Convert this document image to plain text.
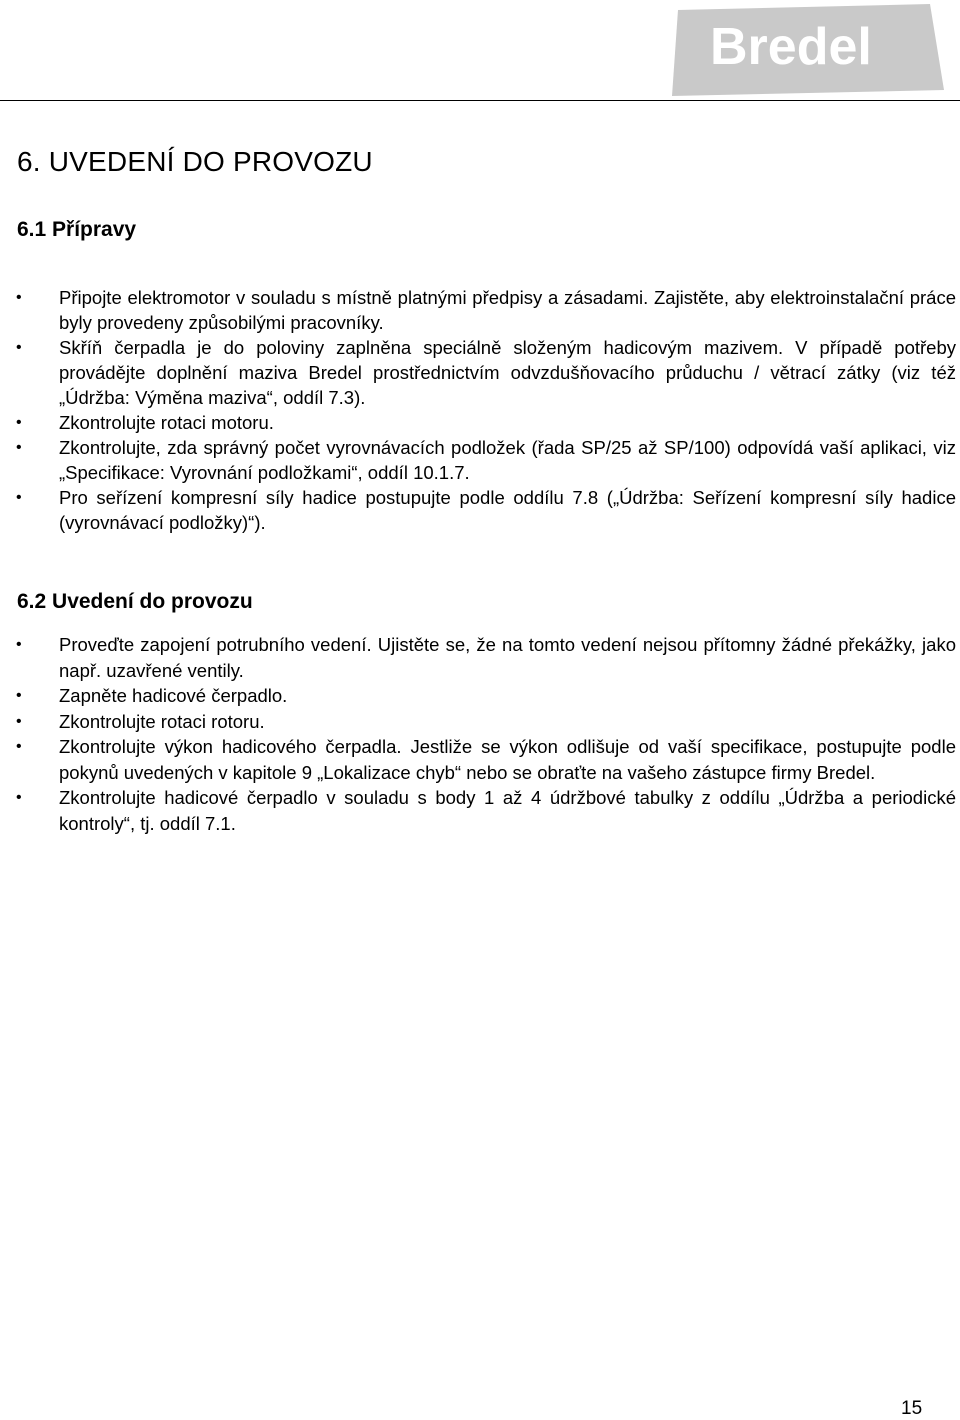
Bredel
6. UVEDENÍ DO PROVOZU
6.1 Přípravy
• Připojte elektromotor v souladu s místně platnými předpisy a zásadami. Zajistěte, aby elektroinstalační práce byly provedeny způsobilými pracovníky.
• Skříň čerpadla je do poloviny zaplněna speciálně složeným hadicovým mazivem. V případě potřeby provádějte doplnění maziva Bredel prostřednictvím odvzdušňovacího průduchu / větrací zátky (viz též „Údržba: Výměna maziva“, oddíl 7.3).
• Zkontrolujte rotaci motoru.
• Zkontrolujte, zda správný počet vyrovnávacích podložek (řada SP/25 až SP/100) odpovídá vaší aplikaci, viz „Specifikace: Vyrovnání podložkami“, oddíl 10.1.7.
• Pro seřízení kompresní síly hadice postupujte podle oddílu 7.8 („Údržba: Seřízení kompresní síly hadice (vyrovnávací podložky)“).
6.2 Uvedení do provozu
• Proveďte zapojení potrubního vedení. Ujistěte se, že na tomto vedení nejsou přítomny žádné překážky, jako např. uzavřené ventily.
• Zapněte hadicové čerpadlo.
• Zkontrolujte rotaci rotoru.
• Zkontrolujte výkon hadicového čerpadla. Jestliže se výkon odlišuje od vaší specifikace, postupujte podle pokynů uvedených v kapitole 9 „Lokalizace chyb“ nebo se obraťte na vašeho zástupce firmy Bredel.
• Zkontrolujte hadicové čerpadlo v souladu s body 1 až 4 údržbové tabulky z oddílu „Údržba a periodické kontroly“, tj. oddíl 7.1.
15
